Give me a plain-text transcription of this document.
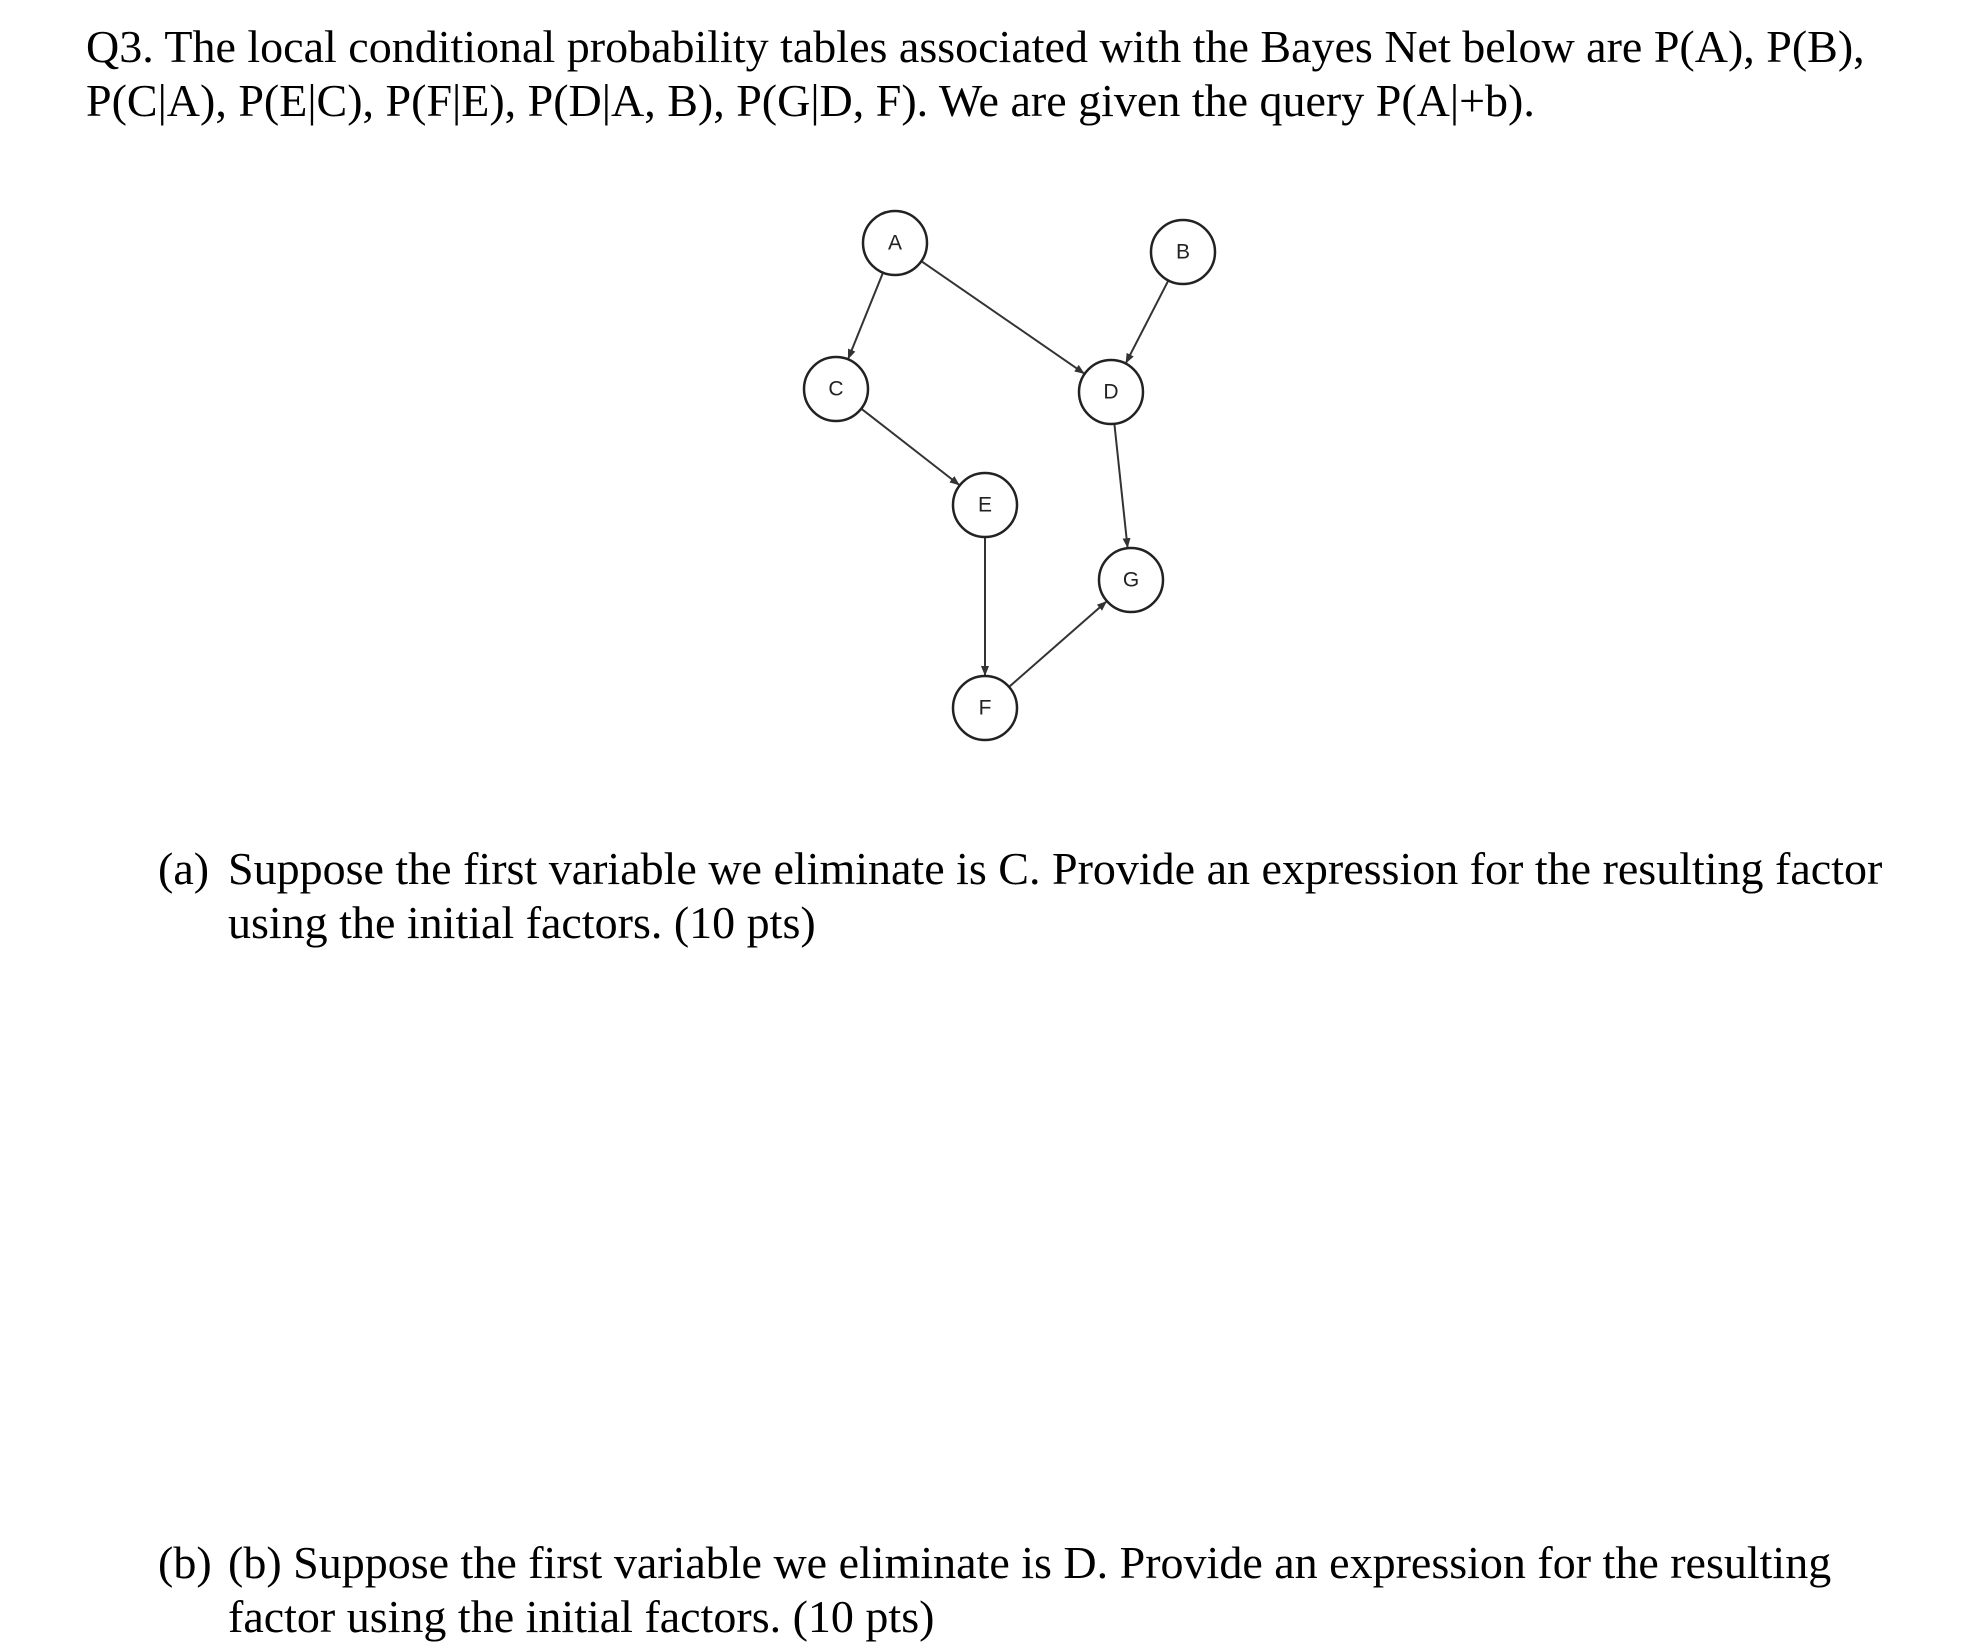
Q3. The local conditional probability tables associated with the Bayes Net below are P(A), P(B),
P(C|A), P(E|C), P(F|E), P(D|A, B), P(G|D, F). We are given the query P(A|+b).
A	B
C	D
E
F
G
(a) Suppose the first variable we eliminate is C. Provide an expression for the resulting factor
using the initial factors. (10 pts)
(b) (b) Suppose the first variable we eliminate is D. Provide an expression for the resulting
factor using the initial factors. (10 pts)
